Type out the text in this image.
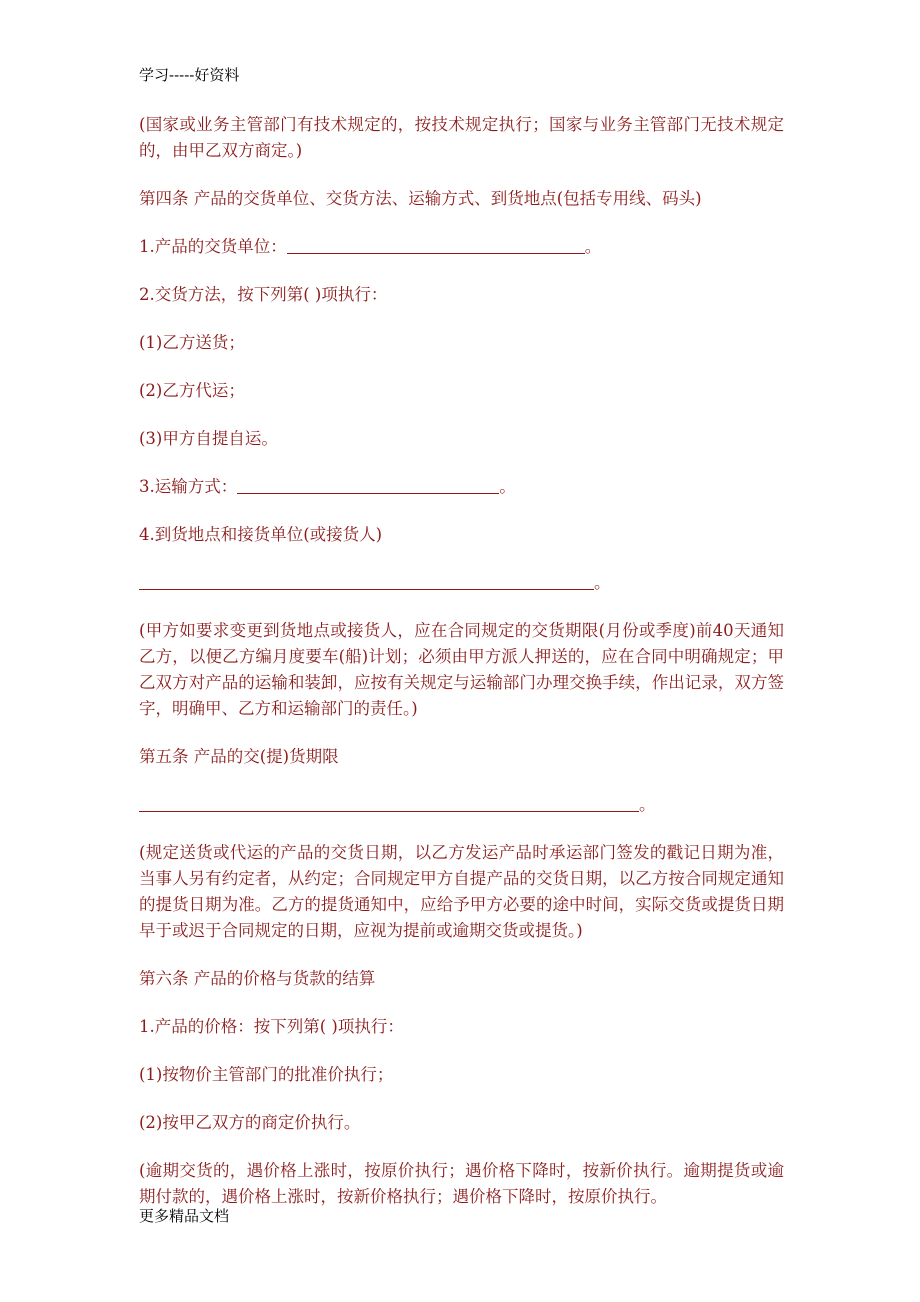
学习-----好资料

(国家或业务主管部门有技术规定的，按技术规定执行；国家与业务主管部门无技术规定的，由甲乙双方商定。)

第四条 产品的交货单位、交货方法、运输方式、到货地点(包括专用线、码头)

1.产品的交货单位：	。

2.交货方法，按下列第( )项执行：

(1)乙方送货；

(2)乙方代运；

(3)甲方自提自运。

3.运输方式：	。

4.到货地点和接货单位(或接货人)

。

(甲方如要求变更到货地点或接货人，应在合同规定的交货期限(月份或季度)前40天通知乙方，以便乙方编月度要车(船)计划；必须由甲方派人押送的，应在合同中明确规定；甲乙双方对产品的运输和装卸，应按有关规定与运输部门办理交换手续，作出记录，双方签字，明确甲、乙方和运输部门的责任。)

第五条 产品的交(提)货期限

。

(规定送货或代运的产品的交货日期，以乙方发运产品时承运部门签发的戳记日期为准，当事人另有约定者，从约定；合同规定甲方自提产品的交货日期，以乙方按合同规定通知的提货日期为准。乙方的提货通知中，应给予甲方必要的途中时间，实际交货或提货日期早于或迟于合同规定的日期，应视为提前或逾期交货或提货。)

第六条 产品的价格与货款的结算

1.产品的价格：按下列第( )项执行：

(1)按物价主管部门的批准价执行；

(2)按甲乙双方的商定价执行。

(逾期交货的，遇价格上涨时，按原价执行；遇价格下降时，按新价执行。逾期提货或逾期付款的，遇价格上涨时，按新价格执行；遇价格下降时，按原价执行。

更多精品文档
